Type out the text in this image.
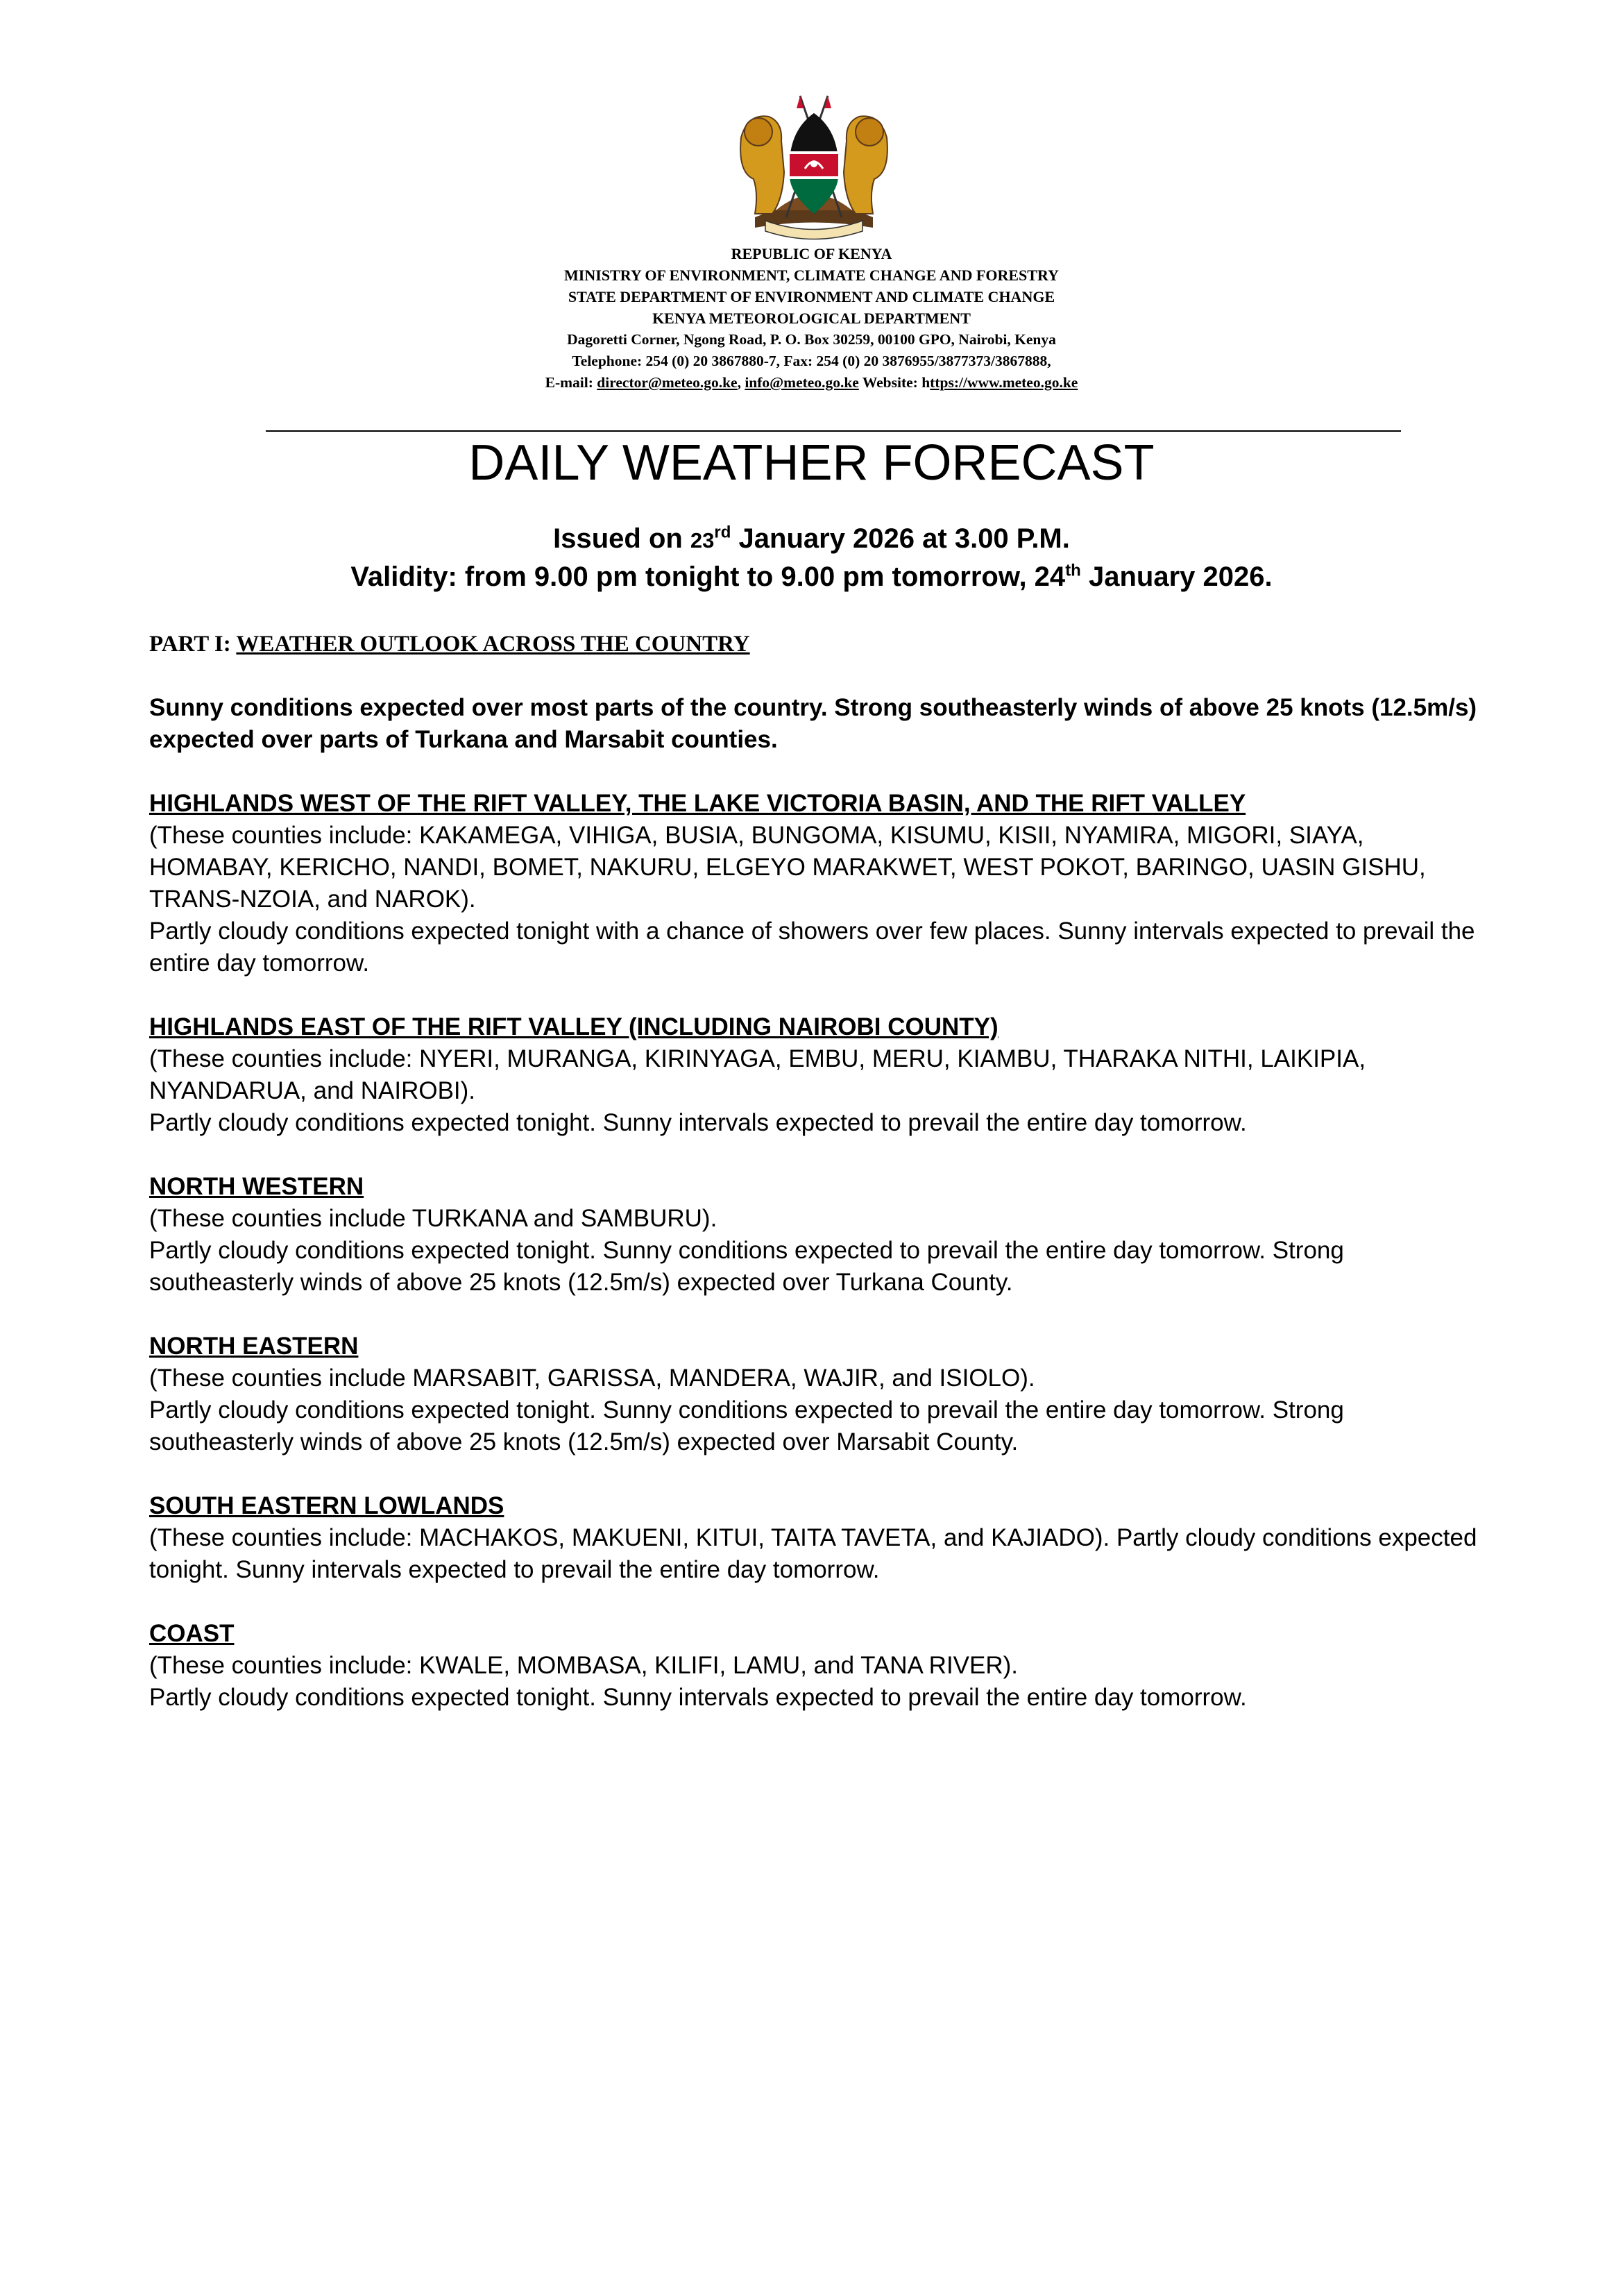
REPUBLIC OF KENYA
MINISTRY OF ENVIRONMENT, CLIMATE CHANGE AND FORESTRY
STATE DEPARTMENT OF ENVIRONMENT AND CLIMATE CHANGE
KENYA METEOROLOGICAL DEPARTMENT
Dagoretti Corner, Ngong Road, P. O. Box 30259, 00100 GPO, Nairobi, Kenya
Telephone: 254 (0) 20 3867880-7, Fax: 254 (0) 20 3876955/3877373/3867888,
E-mail: director@meteo.go.ke, info@meteo.go.ke Website: https://www.meteo.go.ke
DAILY WEATHER FORECAST
Issued on 23rd January 2026 at 3.00 P.M.
Validity: from 9.00 pm tonight to 9.00 pm tomorrow, 24th January 2026.
PART I: WEATHER OUTLOOK ACROSS THE COUNTRY

Sunny conditions expected over most parts of the country. Strong southeasterly winds of above 25 knots (12.5m/s) expected over parts of Turkana and Marsabit counties.

HIGHLANDS WEST OF THE RIFT VALLEY, THE LAKE VICTORIA BASIN, AND THE RIFT VALLEY

(These counties include: KAKAMEGA, VIHIGA, BUSIA, BUNGOMA, KISUMU, KISII, NYAMIRA, MIGORI, SIAYA, HOMABAY, KERICHO, NANDI, BOMET, NAKURU, ELGEYO MARAKWET, WEST POKOT, BARINGO, UASIN GISHU, TRANS-NZOIA, and NAROK).

Partly cloudy conditions expected tonight with a chance of showers over few places. Sunny intervals expected to prevail the entire day tomorrow.

HIGHLANDS EAST OF THE RIFT VALLEY (INCLUDING NAIROBI COUNTY)

(These counties include: NYERI, MURANGA, KIRINYAGA, EMBU, MERU, KIAMBU, THARAKA NITHI, LAIKIPIA, NYANDARUA, and NAIROBI).

Partly cloudy conditions expected tonight. Sunny intervals expected to prevail the entire day tomorrow.

NORTH WESTERN

(These counties include TURKANA and SAMBURU).

Partly cloudy conditions expected tonight. Sunny conditions expected to prevail the entire day tomorrow. Strong southeasterly winds of above 25 knots (12.5m/s) expected over Turkana County.

NORTH EASTERN

(These counties include MARSABIT, GARISSA, MANDERA, WAJIR, and ISIOLO).

Partly cloudy conditions expected tonight. Sunny conditions expected to prevail the entire day tomorrow. Strong southeasterly winds of above 25 knots (12.5m/s) expected over Marsabit County.

SOUTH EASTERN LOWLANDS

(These counties include: MACHAKOS, MAKUENI, KITUI, TAITA TAVETA, and KAJIADO). Partly cloudy conditions expected tonight. Sunny intervals expected to prevail the entire day tomorrow.

COAST

(These counties include: KWALE, MOMBASA, KILIFI, LAMU, and TANA RIVER).

Partly cloudy conditions expected tonight. Sunny intervals expected to prevail the entire day tomorrow.
